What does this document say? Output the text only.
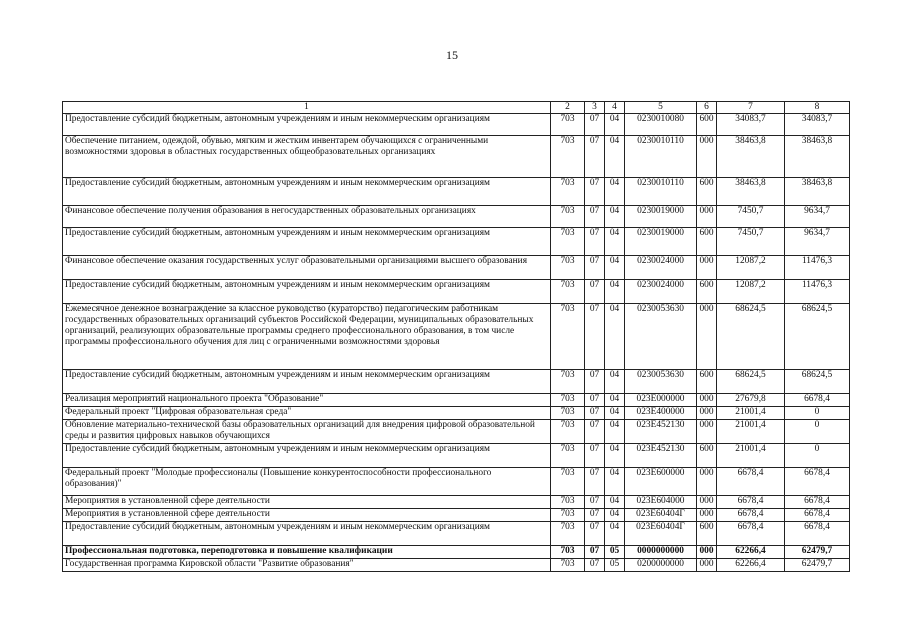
15
1	2	3	4	5	6	7	8
Предоставление субсидий бюджетным, автономным учреждениям и иным некоммерческим организациям	703	07	04	0230010080	600	34083,7	34083,7
Обеспечение питанием, одеждой, обувью, мягким и жестким инвентарем обучающихся с ограниченными возможностями здоровья в областных государственных общеобразовательных организациях	703	07	04	0230010110	000	38463,8	38463,8
Предоставление субсидий бюджетным, автономным учреждениям и иным некоммерческим организациям	703	07	04	0230010110	600	38463,8	38463,8
Финансовое обеспечение получения образования в негосударственных образовательных организациях	703	07	04	0230019000	000	7450,7	9634,7
Предоставление субсидий бюджетным, автономным учреждениям и иным некоммерческим организациям	703	07	04	0230019000	600	7450,7	9634,7
Финансовое обеспечение оказания государственных услуг образовательными организациями высшего образования	703	07	04	0230024000	000	12087,2	11476,3
Предоставление субсидий бюджетным, автономным учреждениям и иным некоммерческим организациям	703	07	04	0230024000	600	12087,2	11476,3
Ежемесячное денежное вознаграждение за классное руководство (кураторство) педагогическим работникам государственных образовательных организаций субъектов Российской Федерации, муниципальных образовательных организаций, реализующих образовательные программы среднего профессионального образования, в том числе программы профессионального обучения для лиц с ограниченными возможностями здоровья	703	07	04	0230053630	000	68624,5	68624,5
Предоставление субсидий бюджетным, автономным учреждениям и иным некоммерческим организациям	703	07	04	0230053630	600	68624,5	68624,5
Реализация мероприятий национального проекта "Образование"	703	07	04	023E000000	000	27679,8	6678,4
Федеральный проект "Цифровая образовательная среда"	703	07	04	023E400000	000	21001,4	0
Обновление материально-технической базы образовательных организаций для внедрения цифровой образовательной среды и развития цифровых навыков обучающихся	703	07	04	023E452130	000	21001,4	0
Предоставление субсидий бюджетным, автономным учреждениям и иным некоммерческим организациям	703	07	04	023E452130	600	21001,4	0
Федеральный проект "Молодые профессионалы (Повышение конкурентоспособности профессионального образования)"	703	07	04	023E600000	000	6678,4	6678,4
Мероприятия в установленной сфере деятельности	703	07	04	023E604000	000	6678,4	6678,4
Мероприятия в установленной сфере деятельности	703	07	04	023E60404Г	000	6678,4	6678,4
Предоставление субсидий бюджетным, автономным учреждениям и иным некоммерческим организациям	703	07	04	023E60404Г	600	6678,4	6678,4
Профессиональная подготовка, переподготовка и повышение квалификации	703	07	05	0000000000	000	62266,4	62479,7
Государственная программа Кировской области "Развитие образования"	703	07	05	0200000000	000	62266,4	62479,7
